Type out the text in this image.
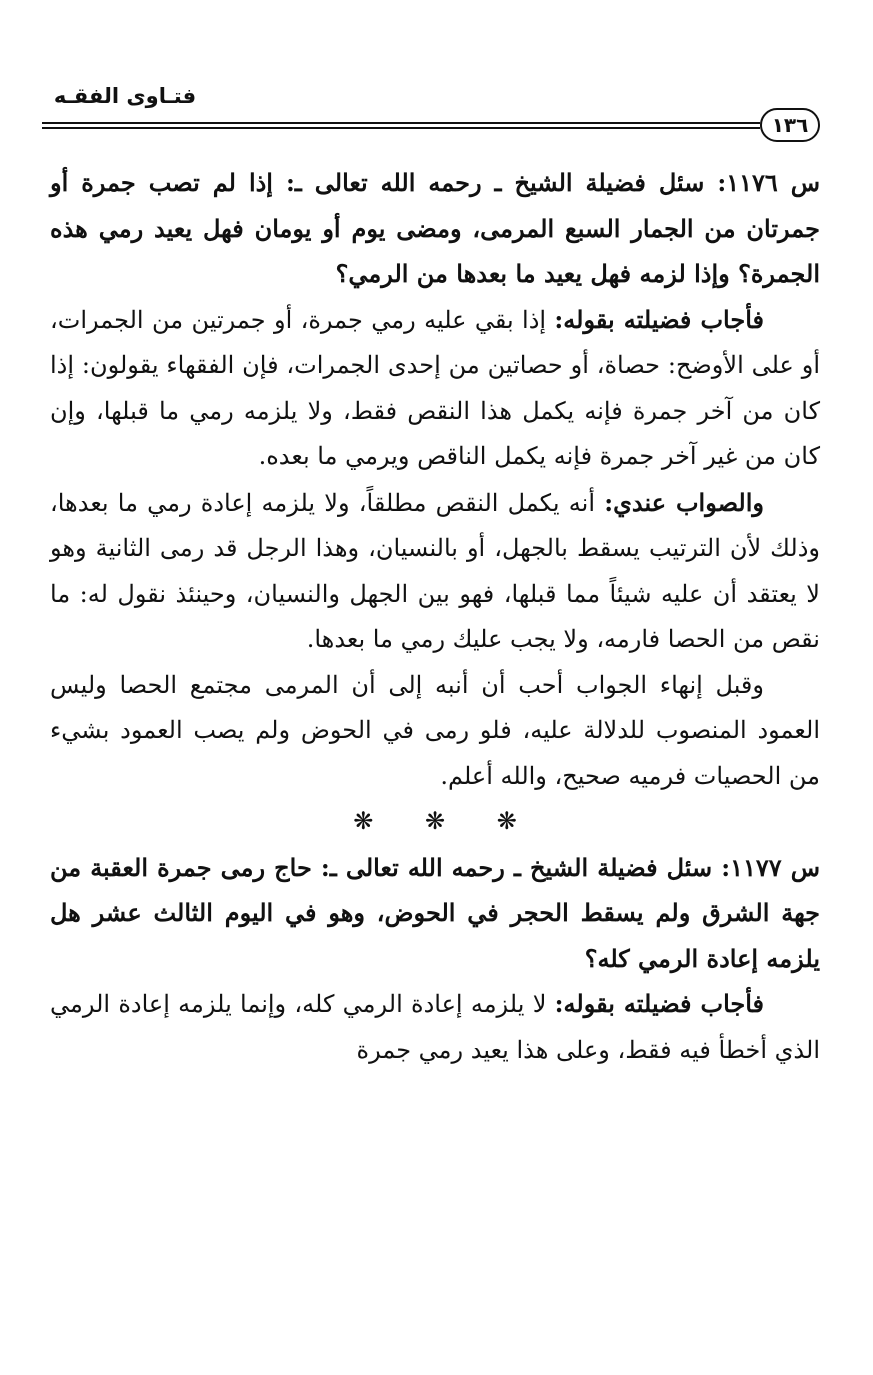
فتـاوى الفقـه
١٣٦

س ١١٧٦: سئل فضيلة الشيخ ـ رحمه الله تعالى ـ: إذا لم تصب جمرة أو جمرتان من الجمار السبع المرمى، ومضى يوم أو يومان فهل يعيد رمي هذه الجمرة؟ وإذا لزمه فهل يعيد ما بعدها من الرمي؟

فأجاب فضيلته بقوله: إذا بقي عليه رمي جمرة، أو جمرتين من الجمرات، أو على الأوضح: حصاة، أو حصاتين من إحدى الجمرات، فإن الفقهاء يقولون: إذا كان من آخر جمرة فإنه يكمل هذا النقص فقط، ولا يلزمه رمي ما قبلها، وإن كان من غير آخر جمرة فإنه يكمل الناقص ويرمي ما بعده.

والصواب عندي: أنه يكمل النقص مطلقاً، ولا يلزمه إعادة رمي ما بعدها، وذلك لأن الترتيب يسقط بالجهل، أو بالنسيان، وهذا الرجل قد رمى الثانية وهو لا يعتقد أن عليه شيئاً مما قبلها، فهو بين الجهل والنسيان، وحينئذ نقول له: ما نقص من الحصا فارمه، ولا يجب عليك رمي ما بعدها.

وقبل إنهاء الجواب أحب أن أنبه إلى أن المرمى مجتمع الحصا وليس العمود المنصوب للدلالة عليه، فلو رمى في الحوض ولم يصب العمود بشيء من الحصيات فرميه صحيح، والله أعلم.

❋ ❋ ❋

س ١١٧٧: سئل فضيلة الشيخ ـ رحمه الله تعالى ـ: حاج رمى جمرة العقبة من جهة الشرق ولم يسقط الحجر في الحوض، وهو في اليوم الثالث عشر هل يلزمه إعادة الرمي كله؟

فأجاب فضيلته بقوله: لا يلزمه إعادة الرمي كله، وإنما يلزمه إعادة الرمي الذي أخطأ فيه فقط، وعلى هذا يعيد رمي جمرة
